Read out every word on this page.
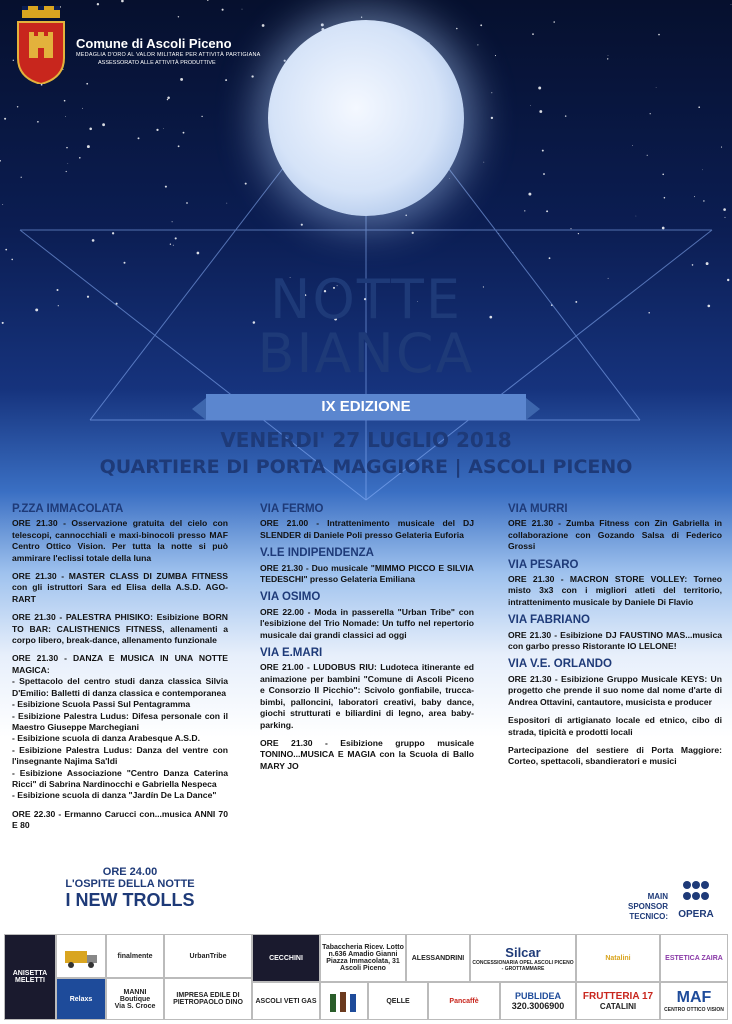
Comune di Ascoli Piceno
MEDAGLIA D'ORO AL VALOR MILITARE PER ATTIVITÀ PARTIGIANA
ASSESSORATO ALLE ATTIVITÀ PRODUTTIVE
NOTTE
BIANCA
IX EDIZIONE
VENERDI' 27 LUGLIO 2018
QUARTIERE DI PORTA MAGGIORE | ASCOLI PICENO
P.ZZA IMMACOLATA
ORE 21.30 - Osservazione gratuita del cielo con telescopi, cannocchiali e maxi-binocoli presso MAF Centro Ottico Vision. Per tutta la notte si può ammirare l'eclissi totale della luna
ORE 21.30 - MASTER CLASS DI ZUMBA FITNESS con gli istruttori Sara ed Elisa della A.S.D. AGO-RART
ORE 21.30 - PALESTRA PHISIKO: Esibizione BORN TO BAR: CALISTHENICS FITNESS, allenamenti a corpo libero, break-dance, allenamento funzionale
ORE 21.30 - DANZA E MUSICA IN UNA NOTTE MAGICA:
- Spettacolo del centro studi danza classica Silvia D'Emilio: Balletti di danza classica e contemporanea
- Esibizione Scuola Passi Sul Pentagramma
- Esibizione Palestra Ludus: Difesa personale con il Maestro Giuseppe Marchegiani
- Esibizione scuola di danza Arabesque A.S.D.
- Esibizione Palestra Ludus: Danza del ventre con l'insegnante Najima Sa'ldi
- Esibizione Associazione "Centro Danza Caterina Ricci" di Sabrina Nardinocchi e Gabriella Nespeca
- Esibizione scuola di danza "Jardín De La Dance"
ORE 22.30 - Ermanno Carucci con...musica ANNI 70 E 80
ORE 24.00
L'OSPITE DELLA NOTTE
I NEW TROLLS
VIA FERMO
ORE 21.00 - Intrattenimento musicale del DJ SLENDER di Daniele Poli presso Gelateria Euforia
V.LE INDIPENDENZA
ORE 21.30 - Duo musicale "MIMMO PICCO E SILVIA TEDESCHI" presso Gelateria Emiliana
VIA OSIMO
ORE 22.00 - Moda in passerella "Urban Tribe" con l'esibizione del Trio Nomade: Un tuffo nel repertorio musicale dai grandi classici ad oggi
VIA E.MARI
ORE 21.00 - LUDOBUS RIU: Ludoteca itinerante ed animazione per bambini "Comune di Ascoli Piceno e Consorzio Il Picchio": Scivolo gonfiabile, trucca-bimbi, palloncini, laboratori creativi, baby dance, giochi strutturati e biliardini di legno, area baby-parking.
ORE 21.30 - Esibizione gruppo musicale TONINO...MUSICA E MAGIA con la Scuola di Ballo MARY JO
VIA MURRI
ORE 21.30 - Zumba Fitness con Zin Gabriella in collaborazione con Gozando Salsa di Federico Grossi
VIA PESARO
ORE 21.30 - MACRON STORE VOLLEY: Torneo misto 3x3 con i migliori atleti del territorio, intrattenimento musicale by Daniele Di Flavio
VIA FABRIANO
ORE 21.30 - Esibizione DJ FAUSTINO MAS...musica con garbo presso Ristorante IO LELONE!
VIA V.E. ORLANDO
ORE 21.30 - Esibizione Gruppo Musicale KEYS: Un progetto che prende il suo nome dal nome d'arte di Andrea Ottavini, cantautore, musicista e producer
Espositori di artigianato locale ed etnico, cibo di strada, tipicità e prodotti locali
Partecipazione del sestiere di Porta Maggiore: Corteo, spettacoli, sbandieratori e musici
MAIN
SPONSOR
TECNICO:	OPERA
ANISETTA MELETTI
Relaxs
finalmente
MANNI
Boutique
Via S. Croce
UrbanTribe
IMPRESA EDILE DI PIETROPAOLO DINO
CECCHINI
ASCOLI VETI GAS
Tabaccheria Ricev. Lotto n.636 Amadio Gianni Piazza Immacolata, 31 Ascoli Piceno
QELLE
ALESSANDRINI
Pancaffè
Silcar
CONCESSIONARIA OPEL ASCOLI PICENO - GROTTAMMARE
PUBLIDEA
320.3006900
Natalini
FRUTTERIA 17
CATALINI
ESTETICA ZAIRA
MAF
CENTRO OTTICO VISION
